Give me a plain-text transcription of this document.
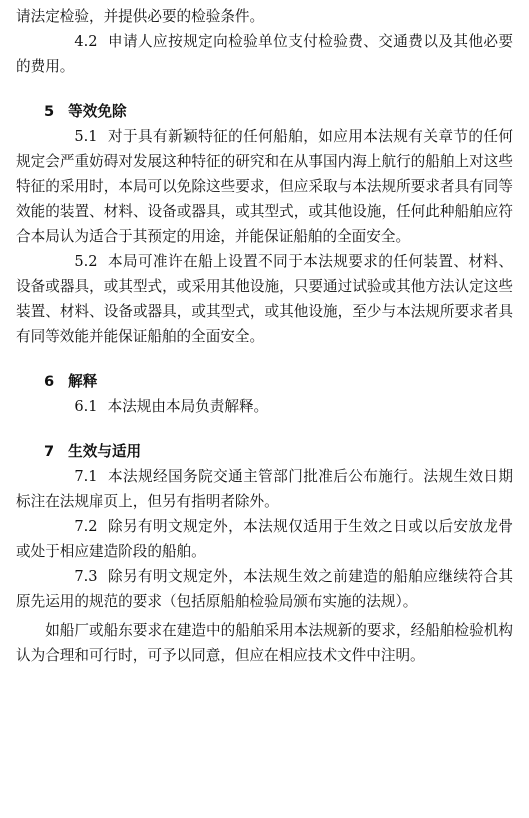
请法定检验，并提供必要的检验条件。

4.2 申请人应按规定向检验单位支付检验费、交通费以及其他必要的费用。

5 等效免除

5.1 对于具有新颖特征的任何船舶，如应用本法规有关章节的任何规定会严重妨碍对发展这种特征的研究和在从事国内海上航行的船舶上对这些特征的采用时，本局可以免除这些要求，但应采取与本法规所要求者具有同等效能的装置、材料、设备或器具，或其型式，或其他设施，任何此种船舶应符合本局认为适合于其预定的用途，并能保证船舶的全面安全。

5.2 本局可准许在船上设置不同于本法规要求的任何装置、材料、设备或器具，或其型式，或采用其他设施，只要通过试验或其他方法认定这些装置、材料、设备或器具，或其型式，或其他设施，至少与本法规所要求者具有同等效能并能保证船舶的全面安全。

6 解释

6.1 本法规由本局负责解释。

7 生效与适用

7.1 本法规经国务院交通主管部门批准后公布施行。法规生效日期标注在法规扉页上，但另有指明者除外。

7.2 除另有明文规定外，本法规仅适用于生效之日或以后安放龙骨或处于相应建造阶段的船舶。

7.3 除另有明文规定外，本法规生效之前建造的船舶应继续符合其原先运用的规范的要求（包括原船舶检验局颁布实施的法规）。

如船厂或船东要求在建造中的船舶采用本法规新的要求，经船舶检验机构认为合理和可行时，可予以同意，但应在相应技术文件中注明。
